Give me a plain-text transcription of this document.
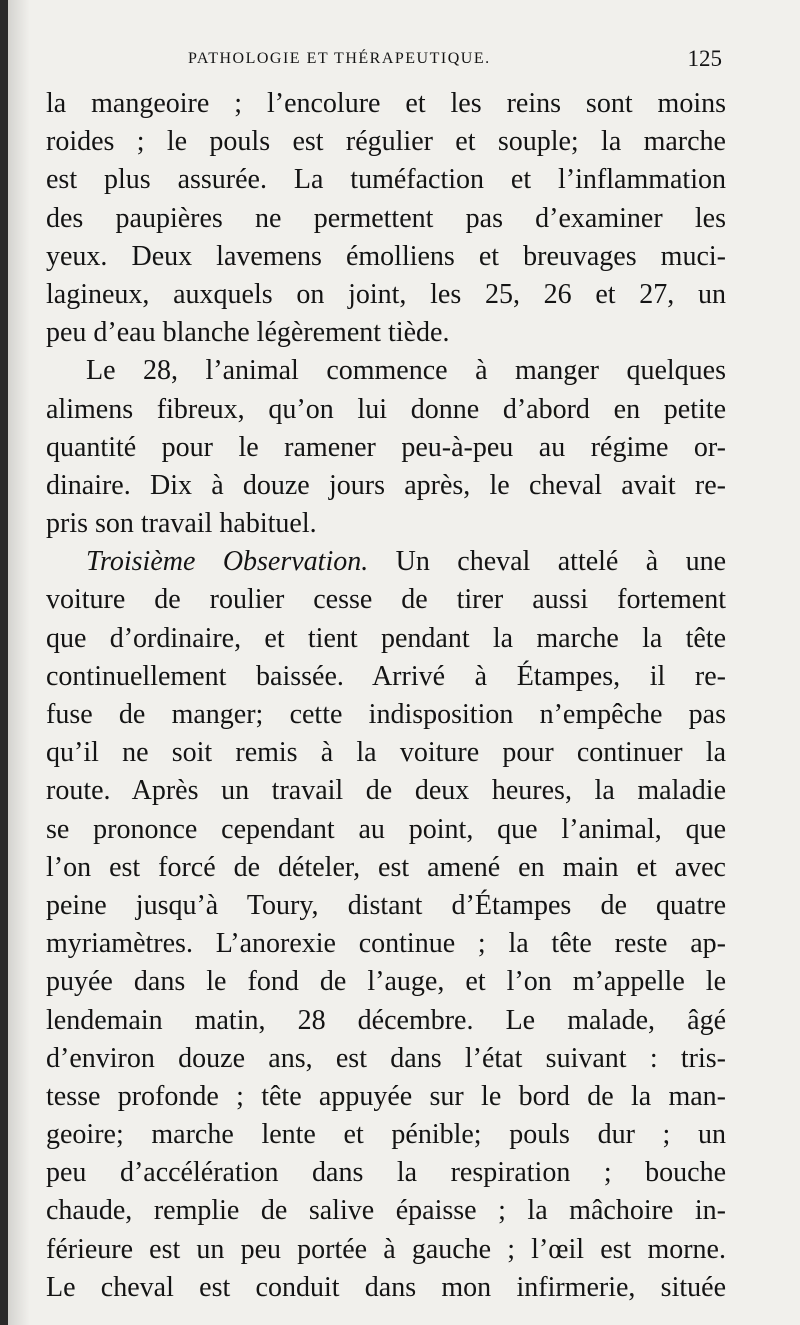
PATHOLOGIE ET THÉRAPEUTIQUE.	125
la mangeoire ; l’encolure et les reins sont moins
roides ; le pouls est régulier et souple; la marche
est plus assurée. La tuméfaction et l’inflammation
des paupières ne permettent pas d’examiner les
yeux. Deux lavemens émolliens et breuvages muci-
lagineux, auxquels on joint, les 25, 26 et 27, un
peu d’eau blanche légèrement tiède.
Le 28, l’animal commence à manger quelques
alimens fibreux, qu’on lui donne d’abord en petite
quantité pour le ramener peu-à-peu au régime or-
dinaire. Dix à douze jours après, le cheval avait re-
pris son travail habituel.
Troisième Observation. Un cheval attelé à une
voiture de roulier cesse de tirer aussi fortement
que d’ordinaire, et tient pendant la marche la tête
continuellement baissée. Arrivé à Étampes, il re-
fuse de manger; cette indisposition n’empêche pas
qu’il ne soit remis à la voiture pour continuer la
route. Après un travail de deux heures, la maladie
se prononce cependant au point, que l’animal, que
l’on est forcé de dételer, est amené en main et avec
peine jusqu’à Toury, distant d’Étampes de quatre
myriamètres. L’anorexie continue ; la tête reste ap-
puyée dans le fond de l’auge, et l’on m’appelle le
lendemain matin, 28 décembre. Le malade, âgé
d’environ douze ans, est dans l’état suivant : tris-
tesse profonde ; tête appuyée sur le bord de la man-
geoire; marche lente et pénible; pouls dur ; un
peu d’accélération dans la respiration ; bouche
chaude, remplie de salive épaisse ; la mâchoire in-
férieure est un peu portée à gauche ; l’œil est morne.
Le cheval est conduit dans mon infirmerie, située
